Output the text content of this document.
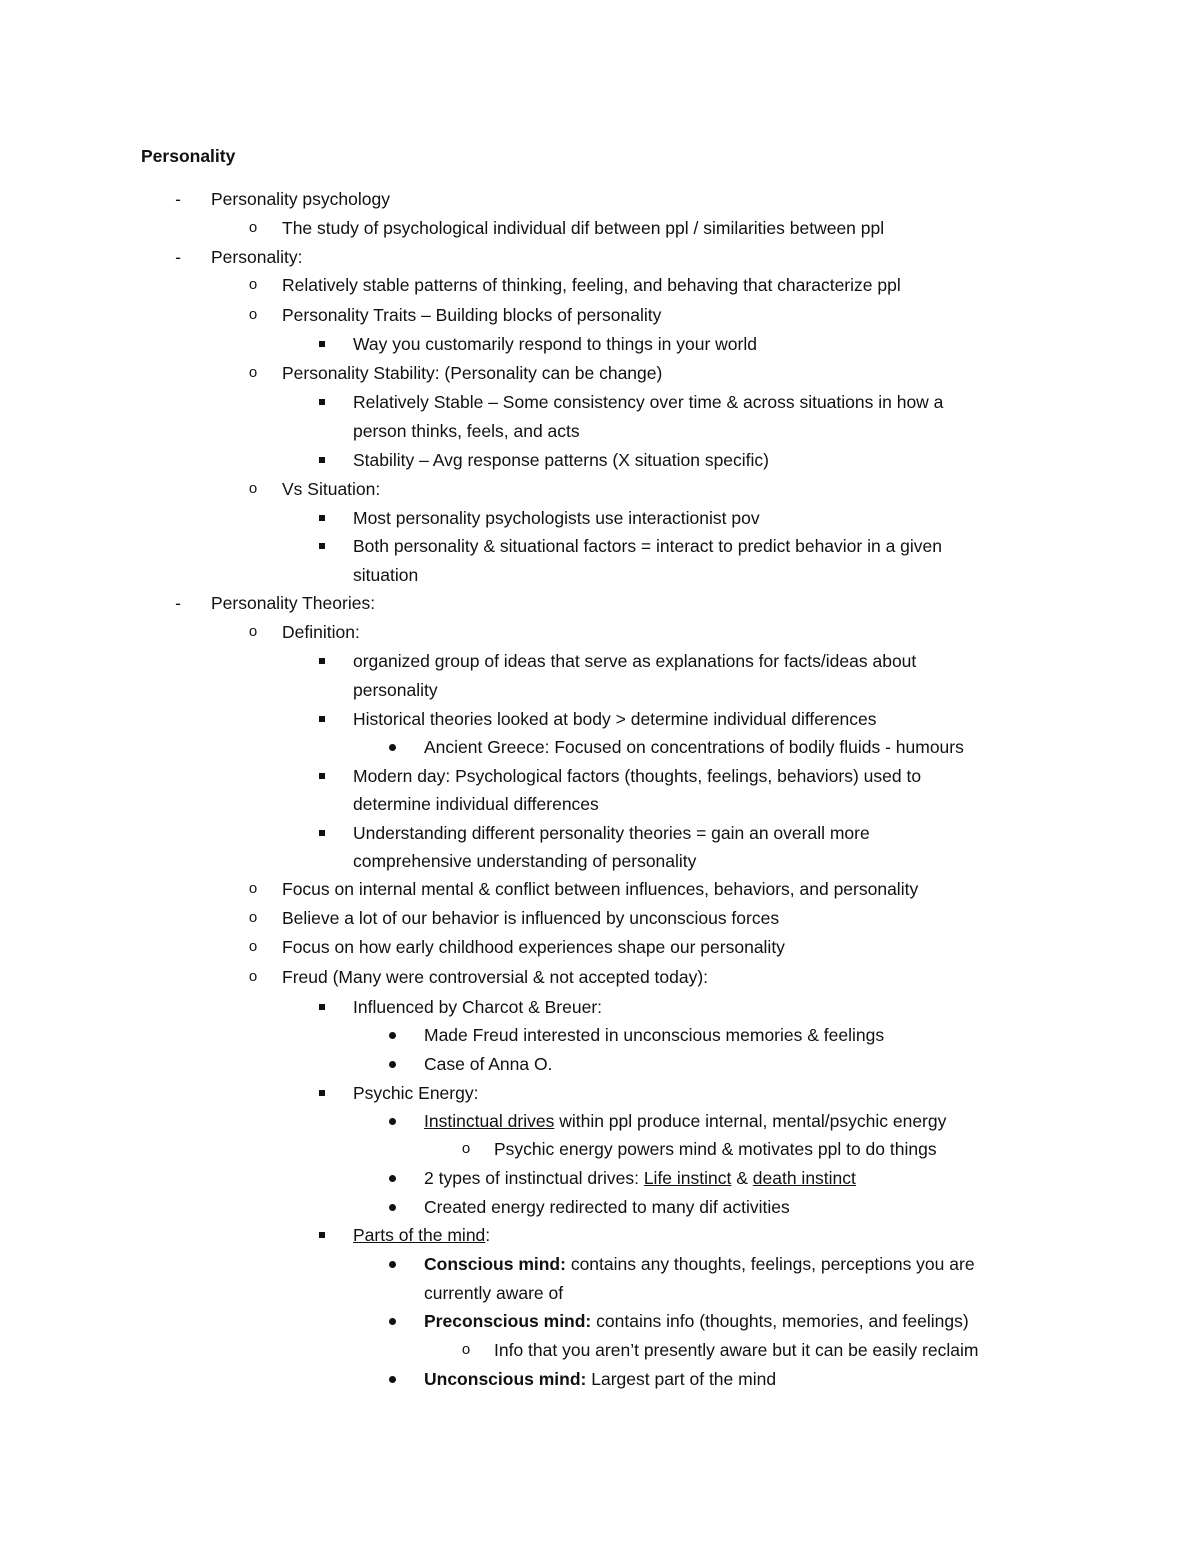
Personality
- Personality psychology
o The study of psychological individual dif between ppl / similarities between ppl
- Personality:
o Relatively stable patterns of thinking, feeling, and behaving that characterize ppl
o Personality Traits – Building blocks of personality
Way you customarily respond to things in your world
o Personality Stability: (Personality can be change)
Relatively Stable – Some consistency over time & across situations in how a
person thinks, feels, and acts
Stability – Avg response patterns (X situation specific)
o Vs Situation:
Most personality psychologists use interactionist pov
Both personality & situational factors = interact to predict behavior in a given
situation
- Personality Theories:
o Definition:
organized group of ideas that serve as explanations for facts/ideas about
personality
Historical theories looked at body > determine individual differences
Ancient Greece: Focused on concentrations of bodily fluids - humours
Modern day: Psychological factors (thoughts, feelings, behaviors) used to
determine individual differences
Understanding different personality theories = gain an overall more
comprehensive understanding of personality
o Focus on internal mental & conflict between influences, behaviors, and personality
o Believe a lot of our behavior is influenced by unconscious forces
o Focus on how early childhood experiences shape our personality
o Freud (Many were controversial & not accepted today):
Influenced by Charcot & Breuer:
Made Freud interested in unconscious memories & feelings
Case of Anna O.
Psychic Energy:
Instinctual drives within ppl produce internal, mental/psychic energy
o Psychic energy powers mind & motivates ppl to do things
2 types of instinctual drives: Life instinct & death instinct
Created energy redirected to many dif activities
Parts of the mind:
Conscious mind: contains any thoughts, feelings, perceptions you are
currently aware of
Preconscious mind: contains info (thoughts, memories, and feelings)
o Info that you aren’t presently aware but it can be easily reclaim
Unconscious mind: Largest part of the mind
